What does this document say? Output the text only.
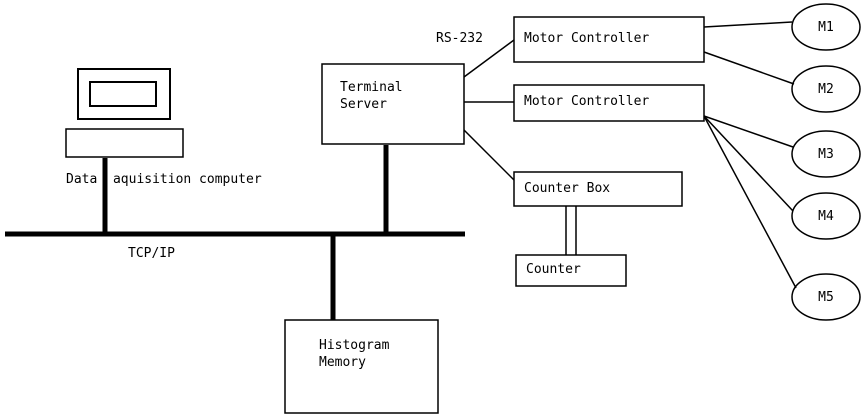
Terminal
Server
Motor Controller
Motor Controller
Counter Box
Counter
Histogram
Memory
Data  aquisition computer
RS-232
TCP/IP
M1
M2
M3
M4
M5
